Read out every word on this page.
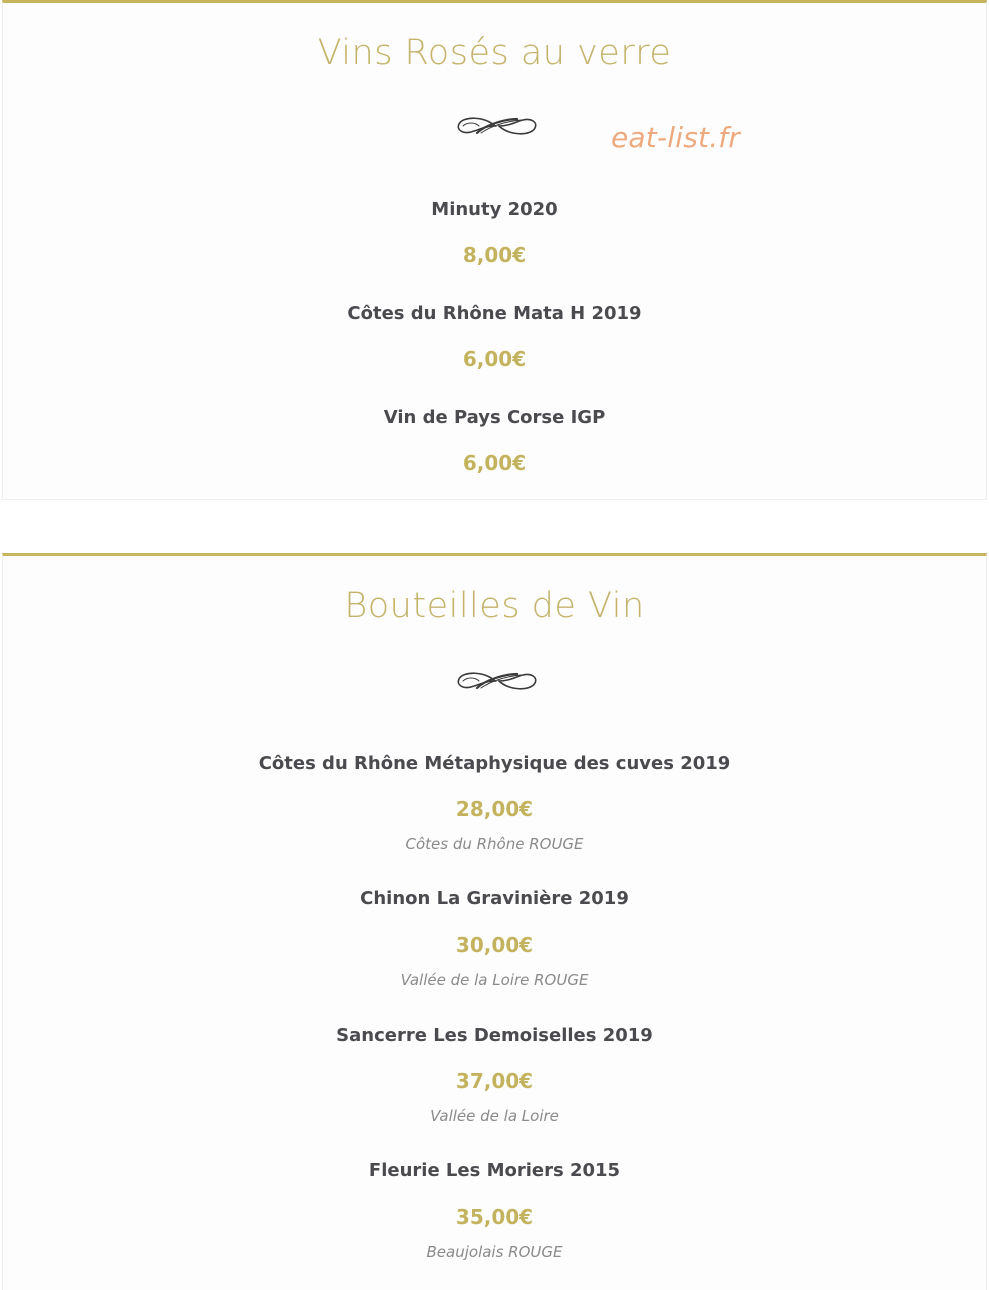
Vins Rosés au verre
eat-list.fr
Minuty 2020
8,00€
Côtes du Rhône Mata H 2019
6,00€
Vin de Pays Corse IGP
6,00€
Bouteilles de Vin
Côtes du Rhône Métaphysique des cuves 2019
28,00€
Côtes du Rhône ROUGE
Chinon La Gravinière 2019
30,00€
Vallée de la Loire ROUGE
Sancerre Les Demoiselles 2019
37,00€
Vallée de la Loire
Fleurie Les Moriers 2015
35,00€
Beaujolais ROUGE
